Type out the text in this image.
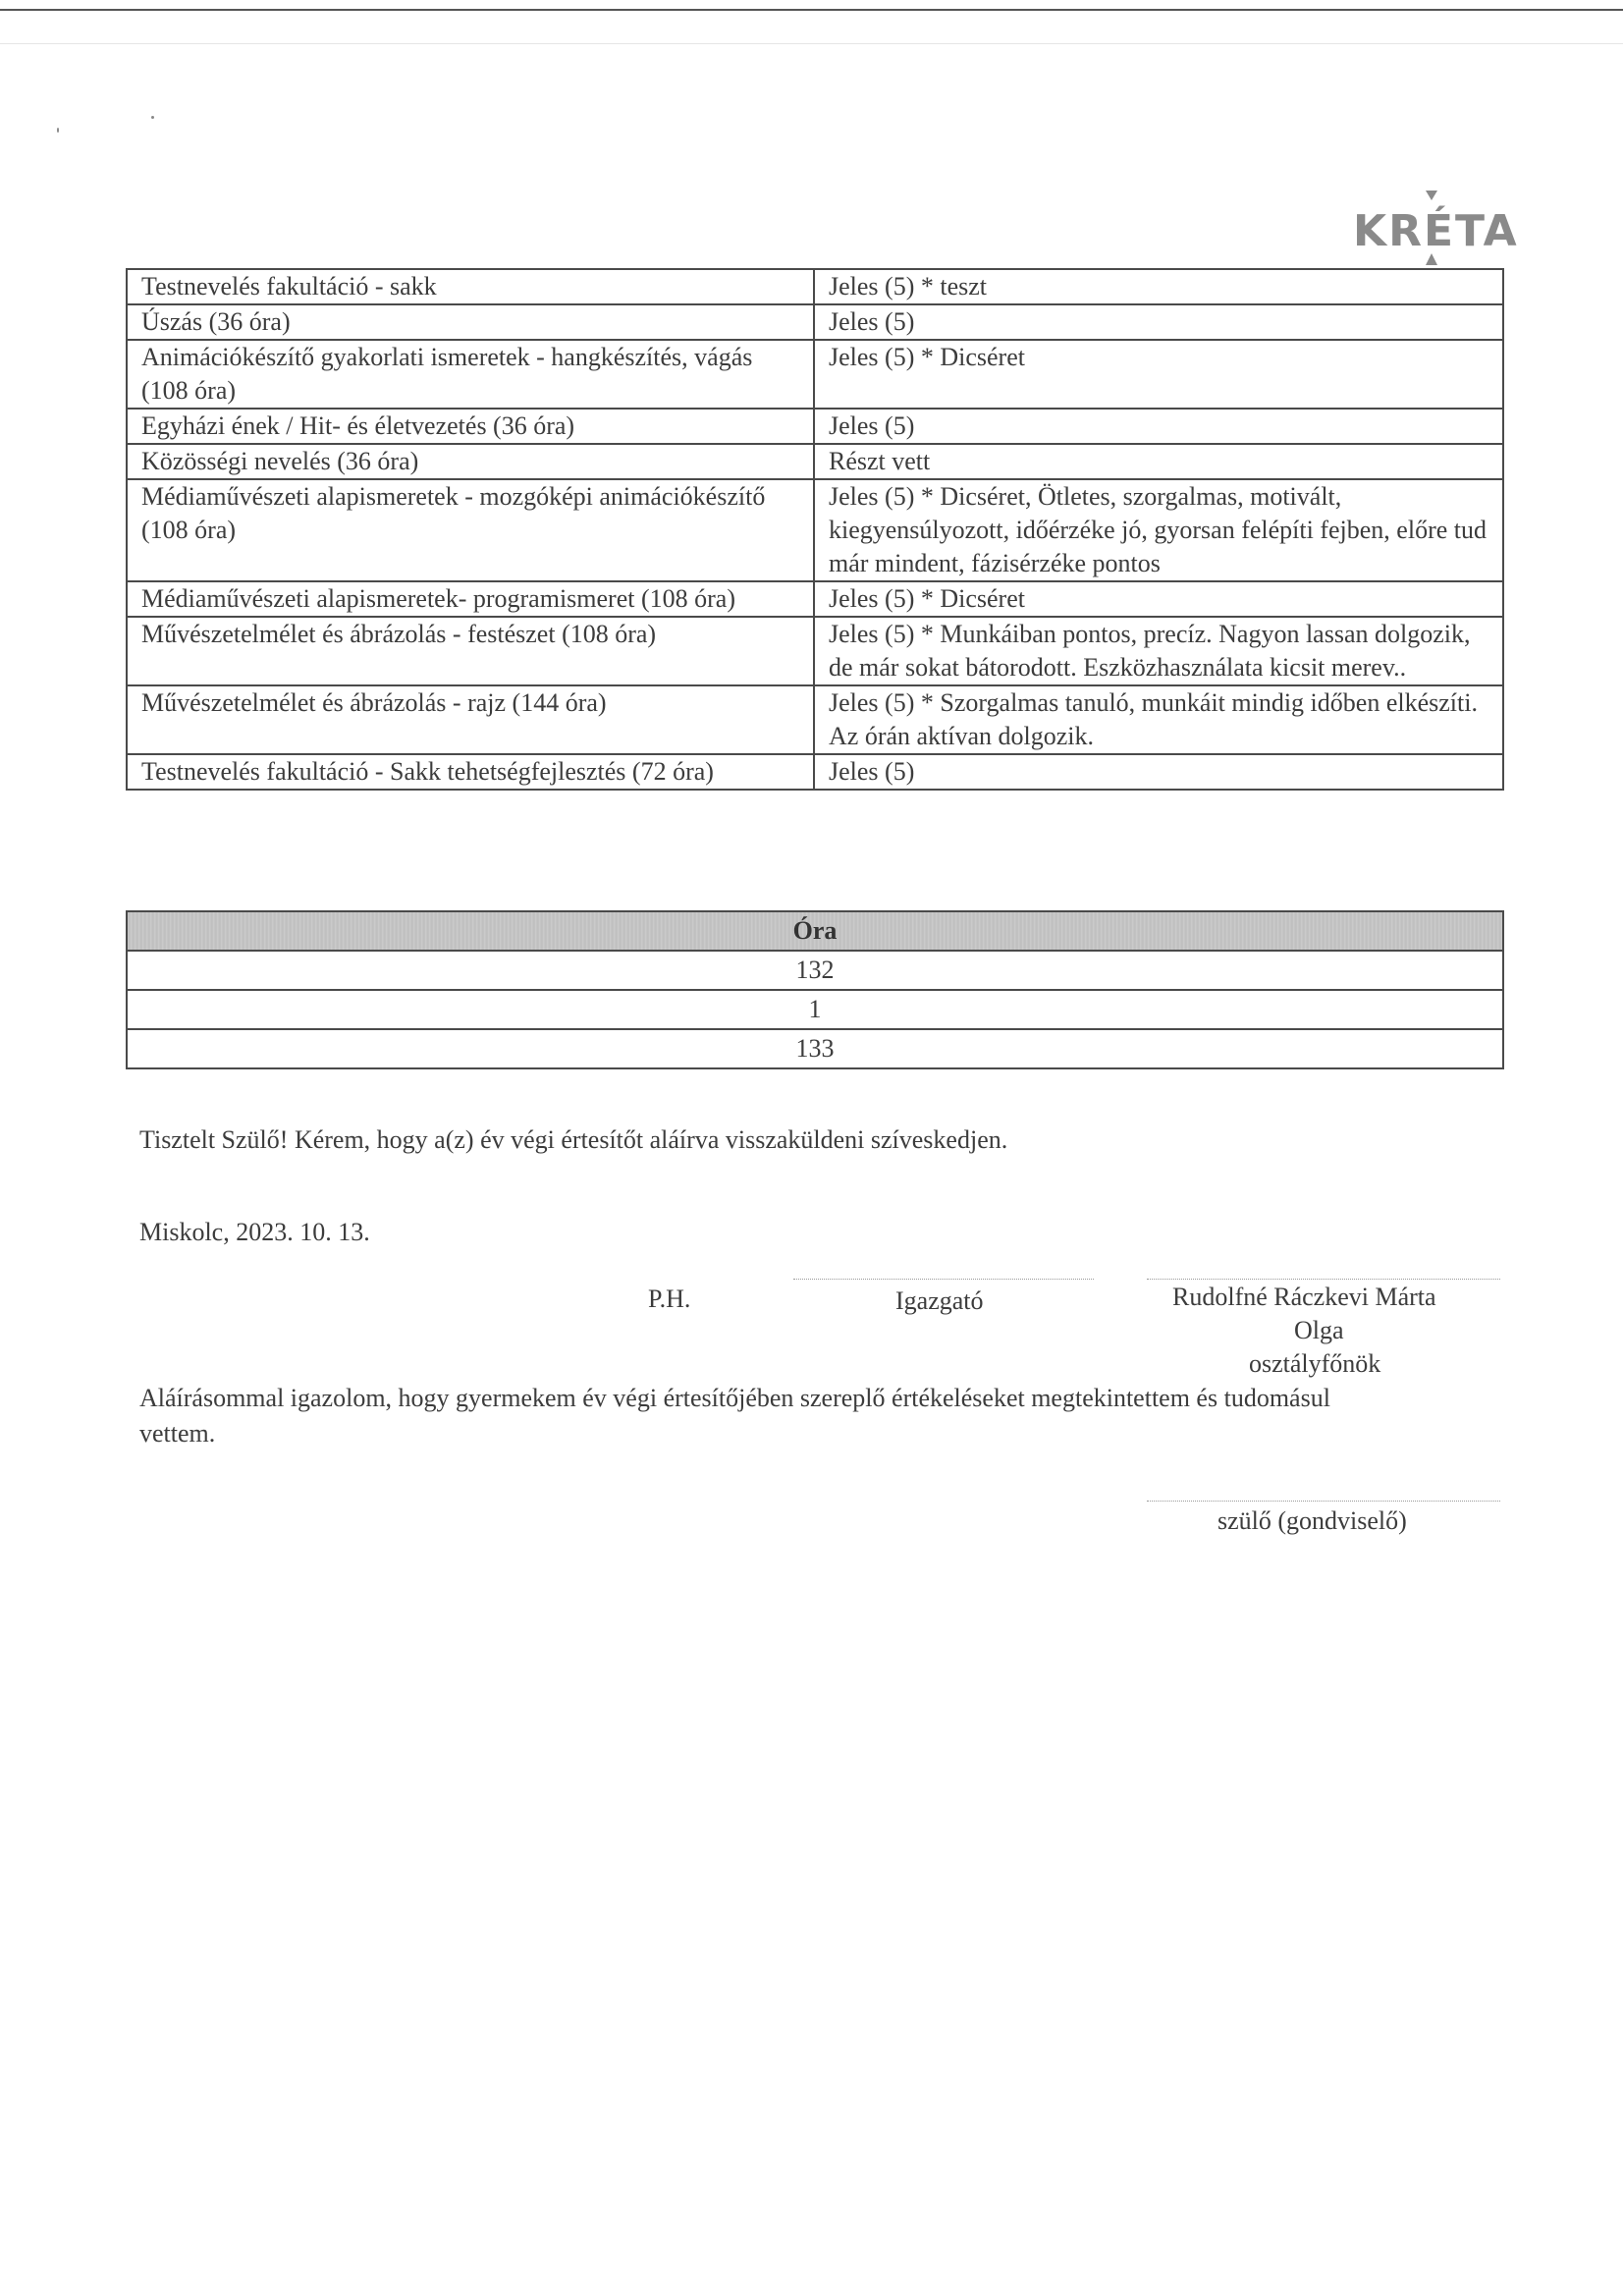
KRÉTA
Testnevelés fakultáció - sakk	Jeles (5) * teszt
Úszás (36 óra)	Jeles (5)
Animációkészítő gyakorlati ismeretek - hangkészítés, vágás (108 óra)	Jeles (5) * Dicséret
Egyházi ének / Hit- és életvezetés (36 óra)	Jeles (5)
Közösségi nevelés (36 óra)	Részt vett
Médiaművészeti alapismeretek - mozgóképi animációkészítő (108 óra)	Jeles (5) * Dicséret, Ötletes, szorgalmas, motivált, kiegyensúlyozott, időérzéke jó, gyorsan felépíti fejben, előre tud már mindent, fázisérzéke pontos
Médiaművészeti alapismeretek- programismeret (108 óra)	Jeles (5) * Dicséret
Művészetelmélet és ábrázolás - festészet (108 óra)	Jeles (5) * Munkáiban pontos, precíz. Nagyon lassan dolgozik, de már sokat bátorodott. Eszközhasználata kicsit merev..
Művészetelmélet és ábrázolás - rajz (144 óra)	Jeles (5) * Szorgalmas tanuló, munkáit mindig időben elkészíti. Az órán aktívan dolgozik.
Testnevelés fakultáció - Sakk tehetségfejlesztés (72 óra)	Jeles (5)
Óra
132
1
133
Tisztelt Szülő! Kérem, hogy a(z) év végi értesítőt aláírva visszaküldeni szíveskedjen.
Miskolc, 2023. 10. 13.
P.H.	Igazgató	Rudolfné Ráczkevi Márta
Olga
osztályfőnök
Aláírásommal igazolom, hogy gyermekem év végi értesítőjében szereplő értékeléseket megtekintettem és tudomásul vettem.
szülő (gondviselő)
